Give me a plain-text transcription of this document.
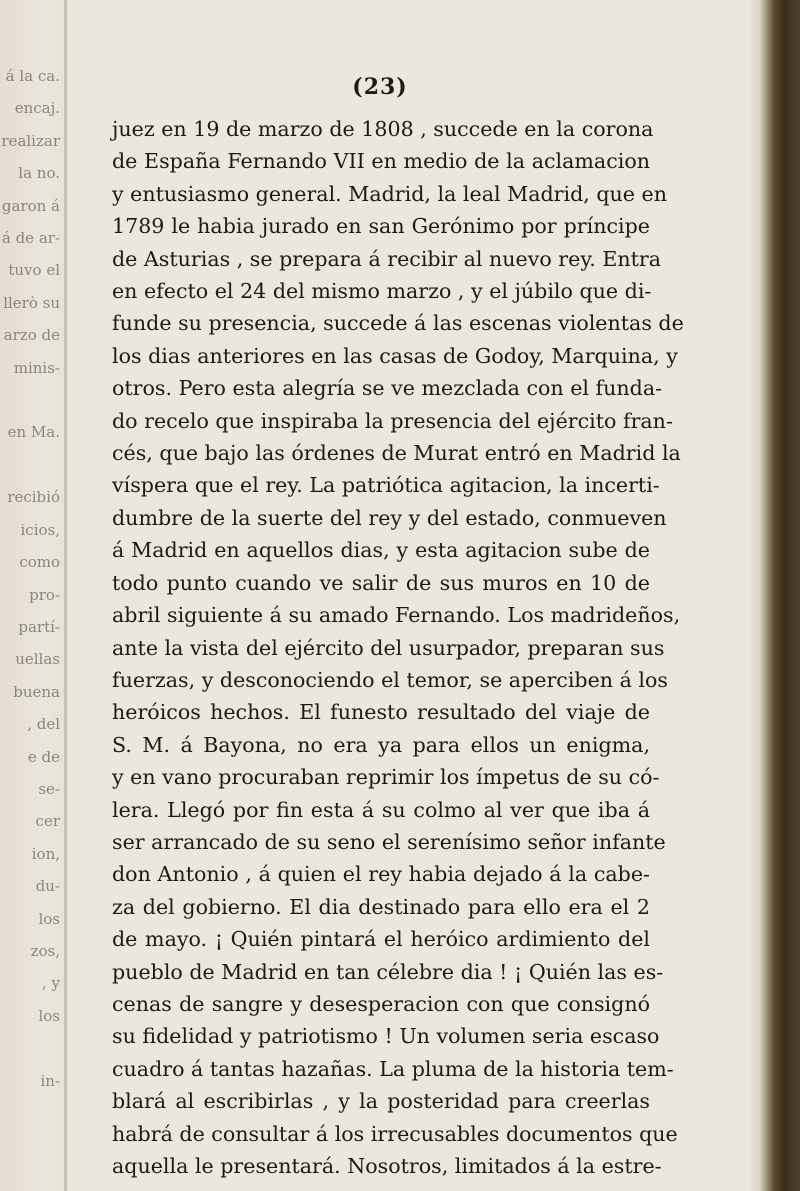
á la ca.
encaj.
realizar
la no.
garon á
á de ar-
tuvo el
llerò su
arzo de
minis-

en Ma.

recibió
icios,
como
pro-
partí-
uellas
buena
, del
e de
se-
cer
ion,
du-
los
zos,
, y
los

in-
(23)
juez en 19 de marzo de 1808 , succede en la corona
de España Fernando VII en medio de la aclamacion
y entusiasmo general. Madrid, la leal Madrid, que en
1789 le habia jurado en san Gerónimo por príncipe
de Asturias , se prepara á recibir al nuevo rey. Entra
en efecto el 24 del mismo marzo , y el júbilo que di-
funde su presencia, succede á las escenas violentas de
los dias anteriores en las casas de Godoy, Marquina, y
otros. Pero esta alegría se ve mezclada con el funda-
do recelo que inspiraba la presencia del ejército fran-
cés, que bajo las órdenes de Murat entró en Madrid la
víspera que el rey. La patriótica agitacion, la incerti-
dumbre de la suerte del rey y del estado, conmueven
á Madrid en aquellos dias, y esta agitacion sube de
todo punto cuando ve salir de sus muros en 10 de
abril siguiente á su amado Fernando. Los madrideños,
ante la vista del ejército del usurpador, preparan sus
fuerzas, y desconociendo el temor, se aperciben á los
heróicos hechos. El funesto resultado del viaje de
S. M. á Bayona, no era ya para ellos un enigma,
y en vano procuraban reprimir los ímpetus de su có-
lera. Llegó por fin esta á su colmo al ver que iba á
ser arrancado de su seno el serenísimo señor infante
don Antonio , á quien el rey habia dejado á la cabe-
za del gobierno. El dia destinado para ello era el 2
de mayo. ¡ Quién pintará el heróico ardimiento del
pueblo de Madrid en tan célebre dia ! ¡ Quién las es-
cenas de sangre y desesperacion con que consignó
su fidelidad y patriotismo ! Un volumen seria escaso
cuadro á tantas hazañas. La pluma de la historia tem-
blará al escribirlas , y la posteridad para creerlas
habrá de consultar á los irrecusables documentos que
aquella le presentará. Nosotros, limitados á la estre-
